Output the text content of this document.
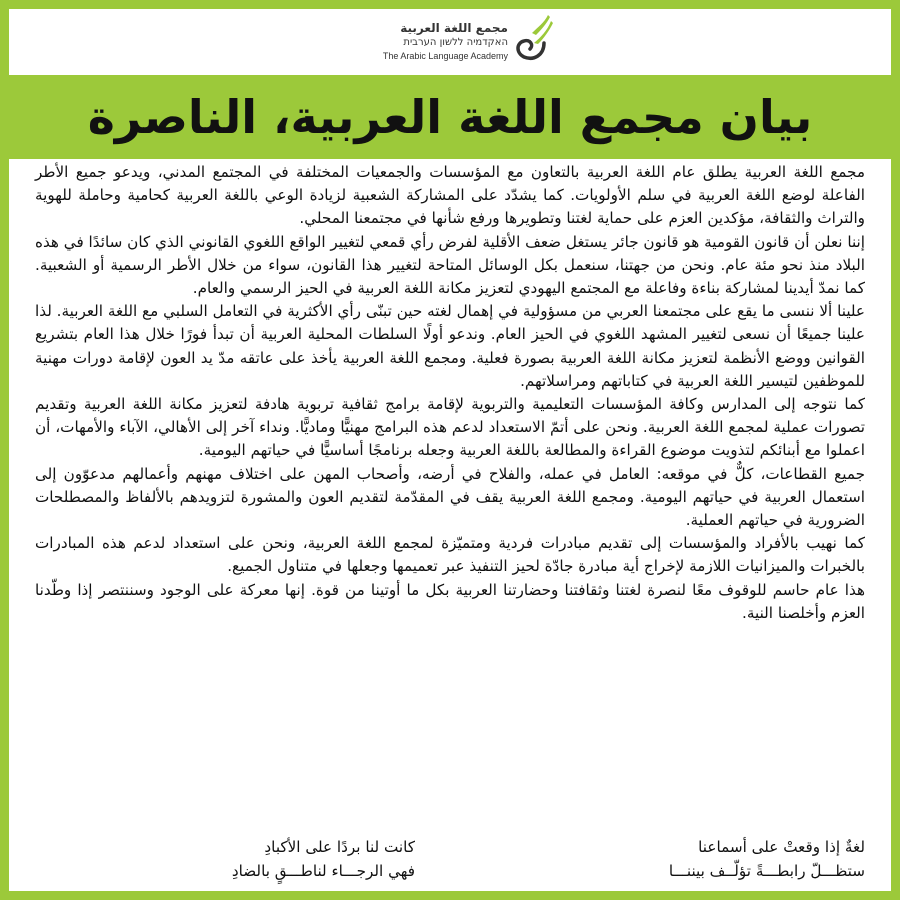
مجمع اللغة العربية
האקדמיה ללשון הערבית
The Arabic Language Academy
بيان مجمع اللغة العربية، الناصرة

مجمع اللغة العربية يطلق عام اللغة العربية بالتعاون مع المؤسسات والجمعيات المختلفة في المجتمع المدني، ويدعو جميع الأطر الفاعلة لوضع اللغة العربية في سلم الأولويات. كما يشدّد على المشاركة الشعبية لزيادة الوعي باللغة العربية كحامية وحاملة للهوية والتراث والثقافة، مؤكدين العزم على حماية لغتنا وتطويرها ورفع شأنها في مجتمعنا المحلي.

إننا نعلن أن قانون القومية هو قانون جائر يستغل ضعف الأقلية لفرض رأي قمعي لتغيير الواقع اللغوي القانوني الذي كان سائدًا في هذه البلاد منذ نحو مئة عام. ونحن من جهتنا، سنعمل بكل الوسائل المتاحة لتغيير هذا القانون، سواء من خلال الأطر الرسمية أو الشعبية. كما نمدّ أيدينا لمشاركة بناءة وفاعلة مع المجتمع اليهودي لتعزيز مكانة اللغة العربية في الحيز الرسمي والعام.

علينا ألا ننسى ما يقع على مجتمعنا العربي من مسؤولية في إهمال لغته حين تبنّى رأي الأكثرية في التعامل السلبي مع اللغة العربية. لذا علينا جميعًا أن نسعى لتغيير المشهد اللغوي في الحيز العام. وندعو أولًا السلطات المحلية العربية أن تبدأ فورًا خلال هذا العام بتشريع القوانين ووضع الأنظمة لتعزيز مكانة اللغة العربية بصورة فعلية. ومجمع اللغة العربية يأخذ على عاتقه مدّ يد العون لإقامة دورات مهنية للموظفين لتيسير اللغة العربية في كتاباتهم ومراسلاتهم.

كما نتوجه إلى المدارس وكافة المؤسسات التعليمية والتربوية لإقامة برامج ثقافية تربوية هادفة لتعزيز مكانة اللغة العربية وتقديم تصورات عملية لمجمع اللغة العربية. ونحن على أتمّ الاستعداد لدعم هذه البرامج مهنيًّا وماديًّا. ونداء آخر إلى الأهالي، الآباء والأمهات، أن اعملوا مع أبنائكم لتذويت موضوع القراءة والمطالعة باللغة العربية وجعله برنامجًا أساسيًّا في حياتهم اليومية.

جميع القطاعات، كلٌّ في موقعه: العامل في عمله، والفلاح في أرضه، وأصحاب المهن على اختلاف مهنهم وأعمالهم مدعوّون إلى استعمال العربية في حياتهم اليومية. ومجمع اللغة العربية يقف في المقدّمة لتقديم العون والمشورة لتزويدهم بالألفاظ والمصطلحات الضرورية في حياتهم العملية.

كما نهيب بالأفراد والمؤسسات إلى تقديم مبادرات فردية ومتميّزة لمجمع اللغة العربية، ونحن على استعداد لدعم هذه المبادرات بالخبرات والميزانيات اللازمة لإخراج أية مبادرة جادّة لحيز التنفيذ عبر تعميمها وجعلها في متناول الجميع.

هذا عام حاسم للوقوف معًا لنصرة لغتنا وثقافتنا وحضارتنا العربية بكل ما أوتينا من قوة. إنها معركة على الوجود وسننتصر إذا وطّدنا العزم وأخلصنا النية.

لغةٌ إذا وقعتْ على أسماعنا
كانت لنا بردًا على الأكبادِ
ستظـــلّ رابطـــةً تؤلّــف بيننـــا
فهي الرجـــاء لناطـــقٍ بالضادِ
